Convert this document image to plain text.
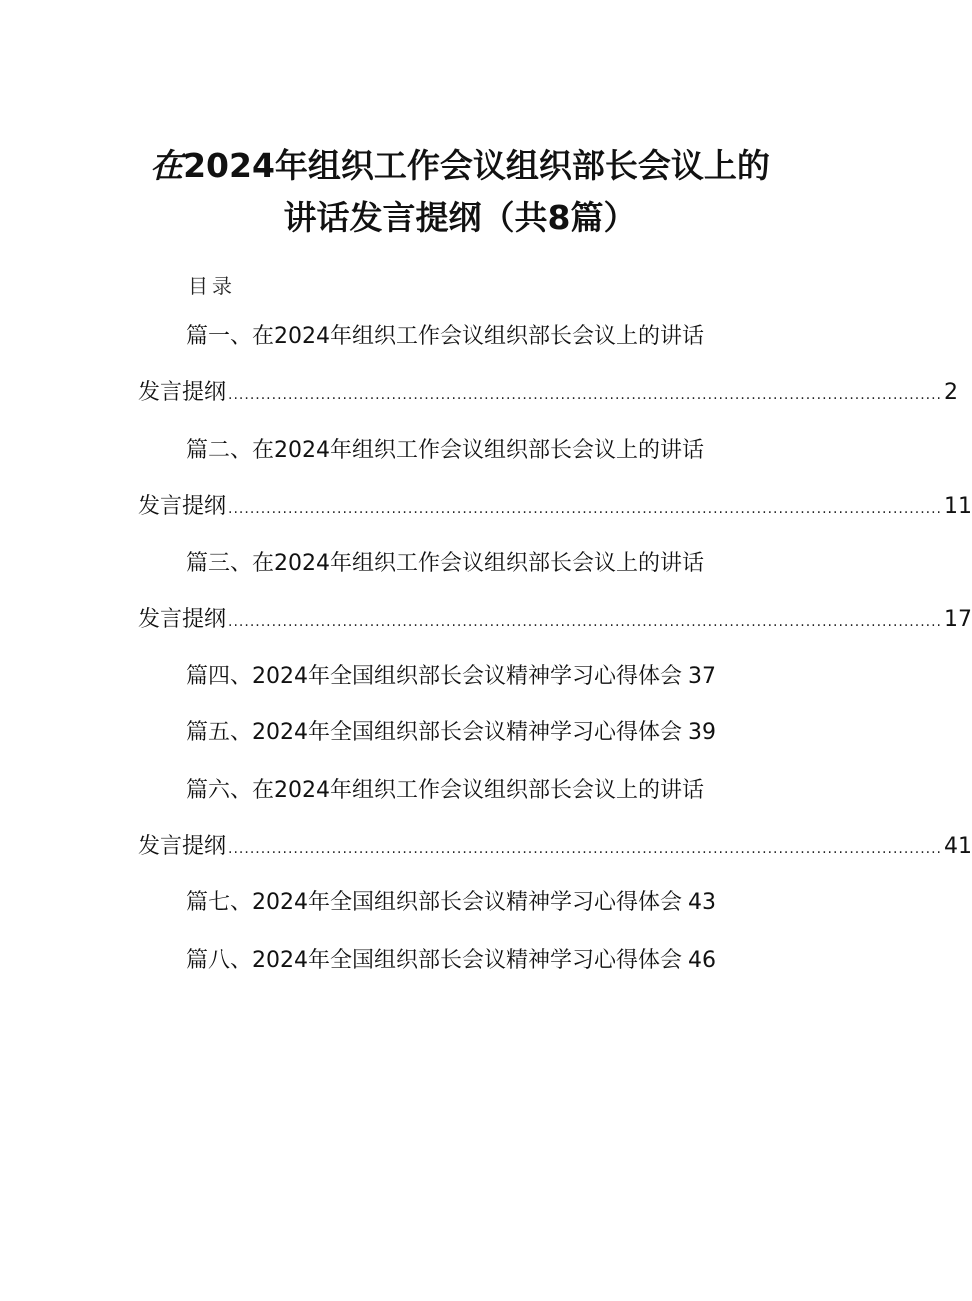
在2024年组织工作会议组织部长会议上的
讲话发言提纲（共8篇）
目录
篇一、在2024年组织工作会议组织部长会议上的讲话
发言提纲 ................................................................................................................................... 2
篇二、在2024年组织工作会议组织部长会议上的讲话
发言提纲 ................................................................................................................................... 11
篇三、在2024年组织工作会议组织部长会议上的讲话
发言提纲 ................................................................................................................................... 17
篇四、2024年全国组织部长会议精神学习心得体会 37
篇五、2024年全国组织部长会议精神学习心得体会 39
篇六、在2024年组织工作会议组织部长会议上的讲话
发言提纲 ................................................................................................................................... 41
篇七、2024年全国组织部长会议精神学习心得体会 43
篇八、2024年全国组织部长会议精神学习心得体会 46
